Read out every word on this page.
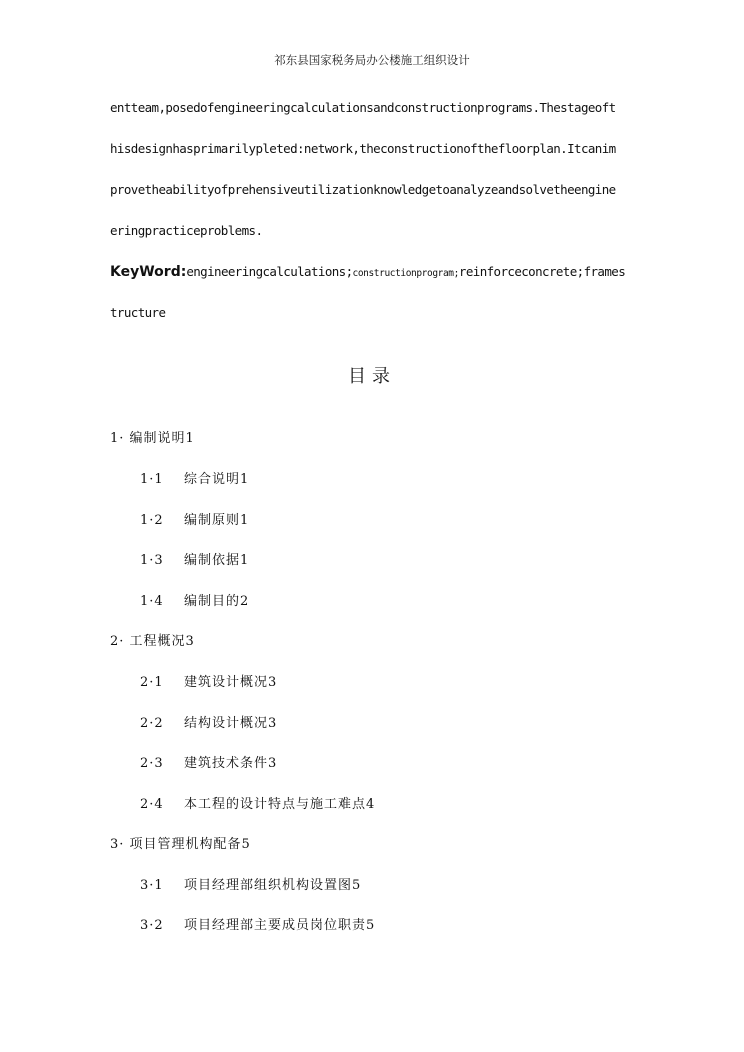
祁东县国家税务局办公楼施工组织设计
entteam,posedofengineeringcalculationsandconstructionprograms.Thestageoft
hisdesignhasprimarilypleted:network,theconstructionofthefloorplan.Itcanim
provetheabilityofprehensiveutilizationknowledgetoanalyzeandsolvetheengine
eringpracticeproblems.
KeyWord:engineeringcalculations;constructionprogram;reinforceconcrete;frames
tructure
目录
1· 编制说明1
1·1 综合说明1
1·2 编制原则1
1·3 编制依据1
1·4 编制目的2
2· 工程概况3
2·1 建筑设计概况3
2·2 结构设计概况3
2·3 建筑技术条件3
2·4 本工程的设计特点与施工难点4
3· 项目管理机构配备5
3·1 项目经理部组织机构设置图5
3·2 项目经理部主要成员岗位职责5
